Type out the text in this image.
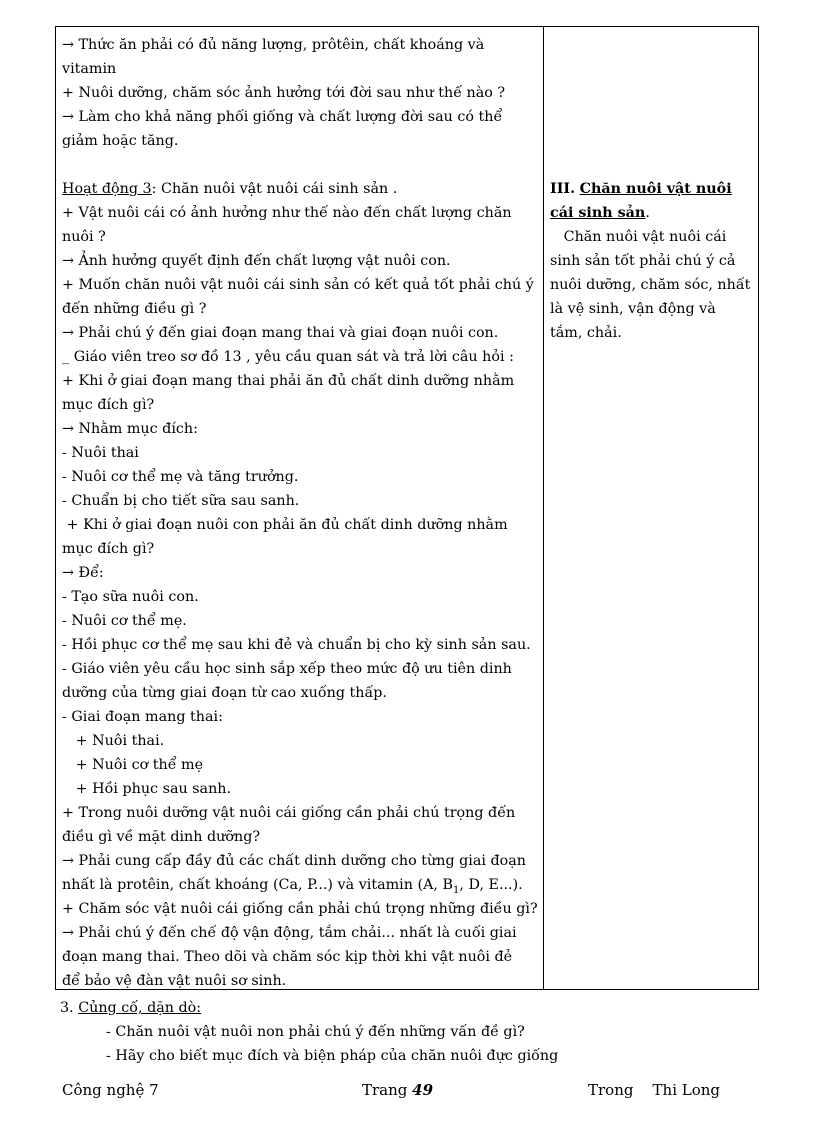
→ Thức ăn phải có đủ năng lượng, prôtêin, chất khoáng và
vitamin
+ Nuôi dưỡng, chăm sóc ảnh hưởng tới đời sau như thế nào ?
→ Làm cho khả năng phối giống và chất lượng đời sau có thể
giảm hoặc tăng.
Hoạt động 3: Chăn nuôi vật nuôi cái sinh sản .
+ Vật nuôi cái có ảnh hưởng như thế nào đến chất lượng chăn
nuôi ?
→ Ảnh hưởng quyết định đến chất lượng vật nuôi con.
+ Muốn chăn nuôi vật nuôi cái sinh sản có kết quả tốt phải chú ý
đến những điều gì ?
→ Phải chú ý đến giai đoạn mang thai và giai đoạn nuôi con.
_ Giáo viên treo sơ đồ 13 , yêu cầu quan sát và trả lời câu hỏi :
+ Khi ở giai đoạn mang thai phải ăn đủ chất dinh dưỡng nhằm
mục đích gì?
→ Nhằm mục đích:
- Nuôi thai
- Nuôi cơ thể mẹ và tăng trưởng.
- Chuẩn bị cho tiết sữa sau sanh.
+ Khi ở giai đoạn nuôi con phải ăn đủ chất dinh dưỡng nhằm
mục đích gì?
→ Để:
- Tạo sữa nuôi con.
- Nuôi cơ thể mẹ.
- Hồi phục cơ thể mẹ sau khi đẻ và chuẩn bị cho kỳ sinh sản sau.
- Giáo viên yêu cầu học sinh sắp xếp theo mức độ ưu tiên dinh
dưỡng của từng giai đoạn từ cao xuống thấp.
- Giai đoạn mang thai:
+ Nuôi thai.
+ Nuôi cơ thể mẹ
+ Hồi phục sau sanh.
+ Trong nuôi dưỡng vật nuôi cái giống cần phải chú trọng đến
điều gì về mặt dinh dưỡng?
→ Phải cung cấp đầy đủ các chất dinh dưỡng cho từng giai đoạn
nhất là protêin, chất khoáng (Ca, P...) và vitamin (A, $B_1$, D, E...).
+ Chăm sóc vật nuôi cái giống cần phải chú trọng những điều gì?
→ Phải chú ý đến chế độ vận động, tắm chải... nhất là cuối giai
đoạn mang thai. Theo dõi và chăm sóc kịp thời khi vật nuôi đẻ
để bảo vệ đàn vật nuôi sơ sinh.
III. Chăn nuôi vật nuôi
cái sinh sản.
Chăn nuôi vật nuôi cái
sinh sản tốt phải chú ý cả
nuôi dưỡng, chăm sóc, nhất
là vệ sinh, vận động và
tắm, chải.
3. Củng cố, dặn dò:
- Chăn nuôi vật nuôi non phải chú ý đến những vấn đề gì?
- Hãy cho biết mục đích và biện pháp của chăn nuôi đực giống
Công nghệ 7	Trang 49	Trong    Thi Long
